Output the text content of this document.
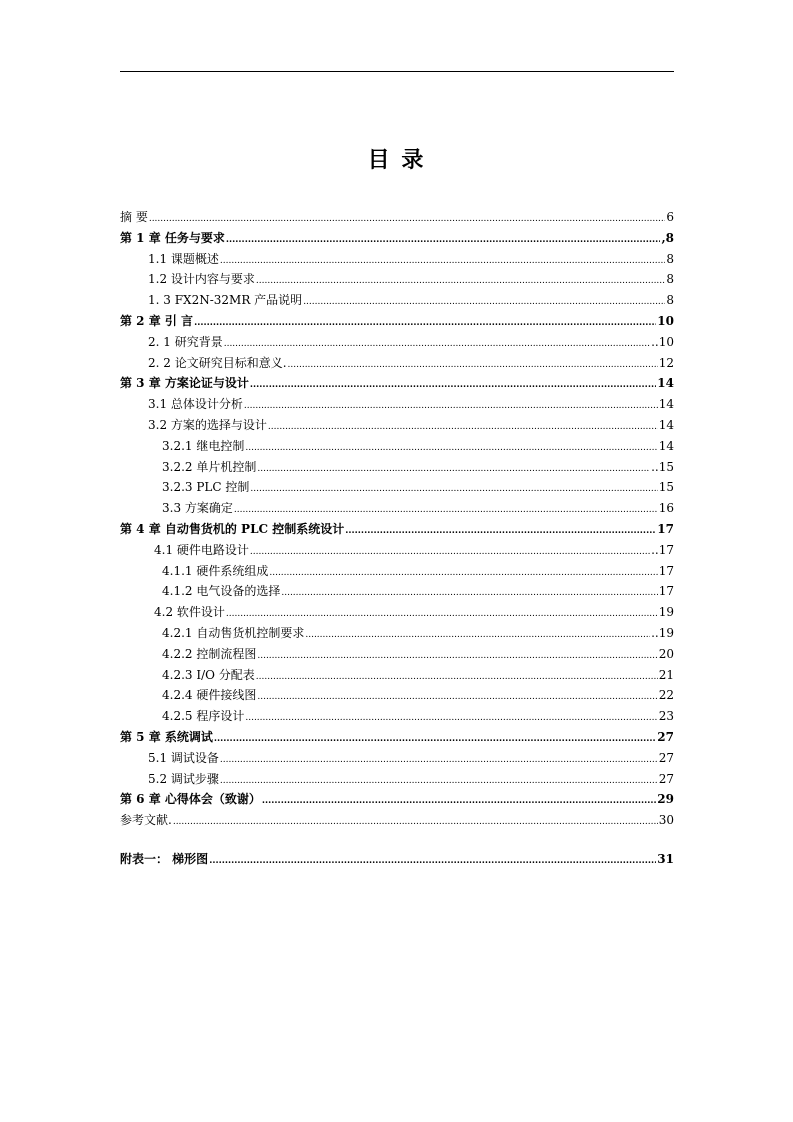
目 录
摘 要 .....	6
第 1 章 任务与要求 .....	,8
1.1 课题概述 .....	8
1.2 设计内容与要求 .....	8
1. 3 FX2N-32MR 产品说明 .....	8
第 2 章 引 言 .....	10
2. 1 研究背景 .....	..10
2. 2 论文研究目标和意义. .....	12
第 3 章 方案论证与设计 .....	14
3.1 总体设计分析 .....	14
3.2 方案的选择与设计 .....	14
3.2.1 继电控制 .....	14
3.2.2 单片机控制 .....	..15
3.2.3 PLC 控制 .....	15
3.3 方案确定 .....	16
第 4 章 自动售货机的 PLC 控制系统设计 .....	17
4.1 硬件电路设计 .....	..17
4.1.1 硬件系统组成 .....	17
4.1.2 电气设备的选择 .....	17
4.2 软件设计 .....	19
4.2.1 自动售货机控制要求 .....	..19
4.2.2 控制流程图 .....	20
4.2.3 I/O 分配表 .....	21
4.2.4 硬件接线图 .....	22
4.2.5 程序设计 .....	23
第 5 章 系统调试 .....	27
5.1 调试设备 .....	27
5.2 调试步骤 .....	27
第 6 章 心得体会（致谢） .....	29
参考文献. .....	30
附表一： 梯形图 .....	31
